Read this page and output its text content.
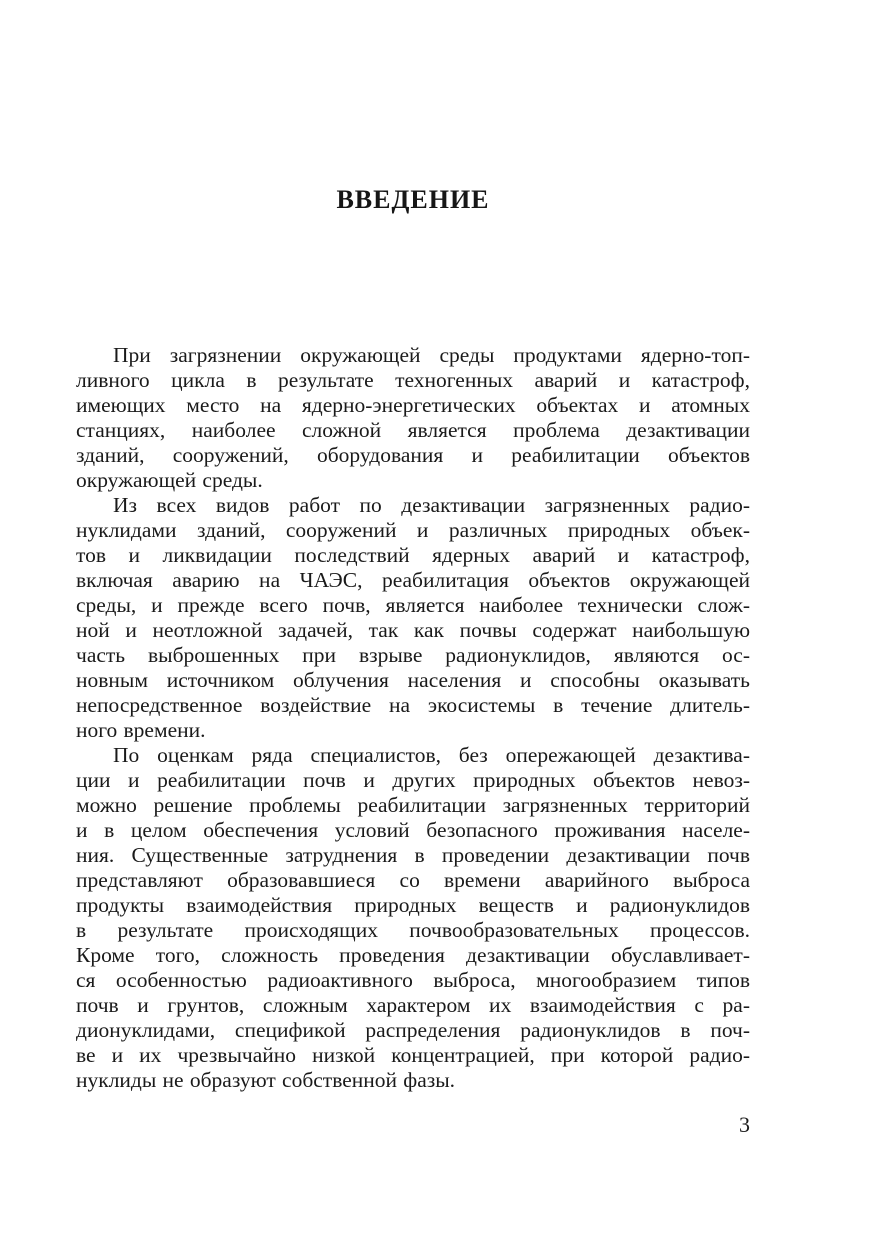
ВВЕДЕНИЕ
При загрязнении окружающей среды продуктами ядерно-топ-
ливного цикла в результате техногенных аварий и катастроф,
имеющих место на ядерно-энергетических объектах и атомных
станциях, наиболее сложной является проблема дезактивации
зданий, сооружений, оборудования и реабилитации объектов
окружающей среды.
Из всех видов работ по дезактивации загрязненных радио-
нуклидами зданий, сооружений и различных природных объек-
тов и ликвидации последствий ядерных аварий и катастроф,
включая аварию на ЧАЭС, реабилитация объектов окружающей
среды, и прежде всего почв, является наиболее технически слож-
ной и неотложной задачей, так как почвы содержат наибольшую
часть выброшенных при взрыве радионуклидов, являются ос-
новным источником облучения населения и способны оказывать
непосредственное воздействие на экосистемы в течение длитель-
ного времени.
По оценкам ряда специалистов, без опережающей дезактива-
ции и реабилитации почв и других природных объектов невоз-
можно решение проблемы реабилитации загрязненных территорий
и в целом обеспечения условий безопасного проживания населе-
ния. Существенные затруднения в проведении дезактивации почв
представляют образовавшиеся со времени аварийного выброса
продукты взаимодействия природных веществ и радионуклидов
в результате происходящих почвообразовательных процессов.
Кроме того, сложность проведения дезактивации обуславливает-
ся особенностью радиоактивного выброса, многообразием типов
почв и грунтов, сложным характером их взаимодействия с ра-
дионуклидами, спецификой распределения радионуклидов в поч-
ве и их чрезвычайно низкой концентрацией, при которой радио-
нуклиды не образуют собственной фазы.
3
